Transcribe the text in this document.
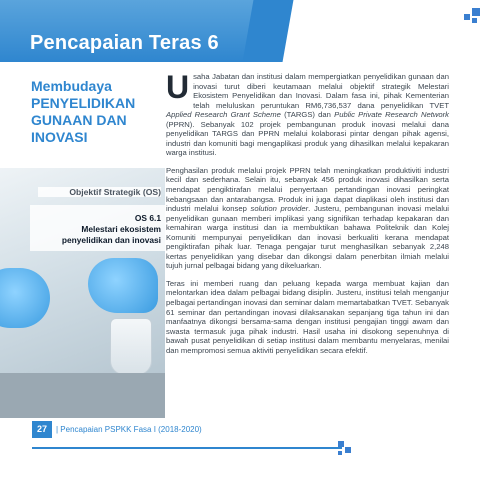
Pencapaian Teras 6
Membudaya
PENYELIDIKAN GUNAAN DAN INOVASI
Objektif Strategik (OS)
OS 6.1
Melestari ekosistem penyelidikan dan inovasi

Usaha Jabatan dan institusi dalam mempergiatkan penyelidikan gunaan dan inovasi turut diberi keutamaan melalui objektif strategik Melestari Ekosistem Penyelidikan dan Inovasi. Dalam fasa ini, pihak Kementerian telah meluluskan peruntukan RM6,736,537 dana penyelidikan TVET Applied Research Grant Scheme (TARGS) dan Public Private Research Network (PPRN). Sebanyak 102 projek pembangunan produk inovasi melalui dana penyelidikan TARGS dan PPRN melalui kolaborasi pintar dengan pihak agensi, industri dan komuniti bagi mengaplikasi produk yang dihasilkan melalui kepakaran warga institusi.

Penghasilan produk melalui projek PPRN telah meningkatkan produktiviti industri kecil dan sederhana. Selain itu, sebanyak 456 produk inovasi dihasilkan serta mendapat pengiktirafan melalui penyertaan pertandingan inovasi peringkat kebangsaan dan antarabangsa. Produk ini juga dapat diaplikasi oleh institusi dan industri melalui konsep solution provider. Justeru, pembangunan inovasi melalui penyelidikan gunaan memberi implikasi yang signifikan terhadap kepakaran dan kemahiran warga institusi dan ia membuktikan bahawa Politeknik dan Kolej Komuniti mempunyai penyelidikan dan inovasi berkualiti kerana mendapat pengiktirafan pihak luar. Tenaga pengajar turut menghasilkan sebanyak 2,248 kertas penyelidikan yang disebar dan dikongsi dalam penerbitan ilmiah melalui tujuh jurnal pelbagai bidang yang dikeluarkan.

Teras ini memberi ruang dan peluang kepada warga membuat kajian dan melontarkan idea dalam pelbagai bidang disiplin. Justeru, institusi telah menganjur pelbagai pertandingan inovasi dan seminar dalam memartabatkan TVET. Sebanyak 61 seminar dan pertandingan inovasi dilaksanakan sepanjang tiga tahun ini dan manfaatnya dikongsi bersama-sama dengan institusi pengajian tinggi awam dan swasta termasuk juga pihak industri. Hasil usaha ini disokong sepenuhnya di bawah pusat penyelidikan di setiap institusi dalam membantu menyelaras, menilai dan mempromosi semua aktiviti penyelidikan secara efektif.

27	| Pencapaian PSPKK Fasa I (2018-2020)
